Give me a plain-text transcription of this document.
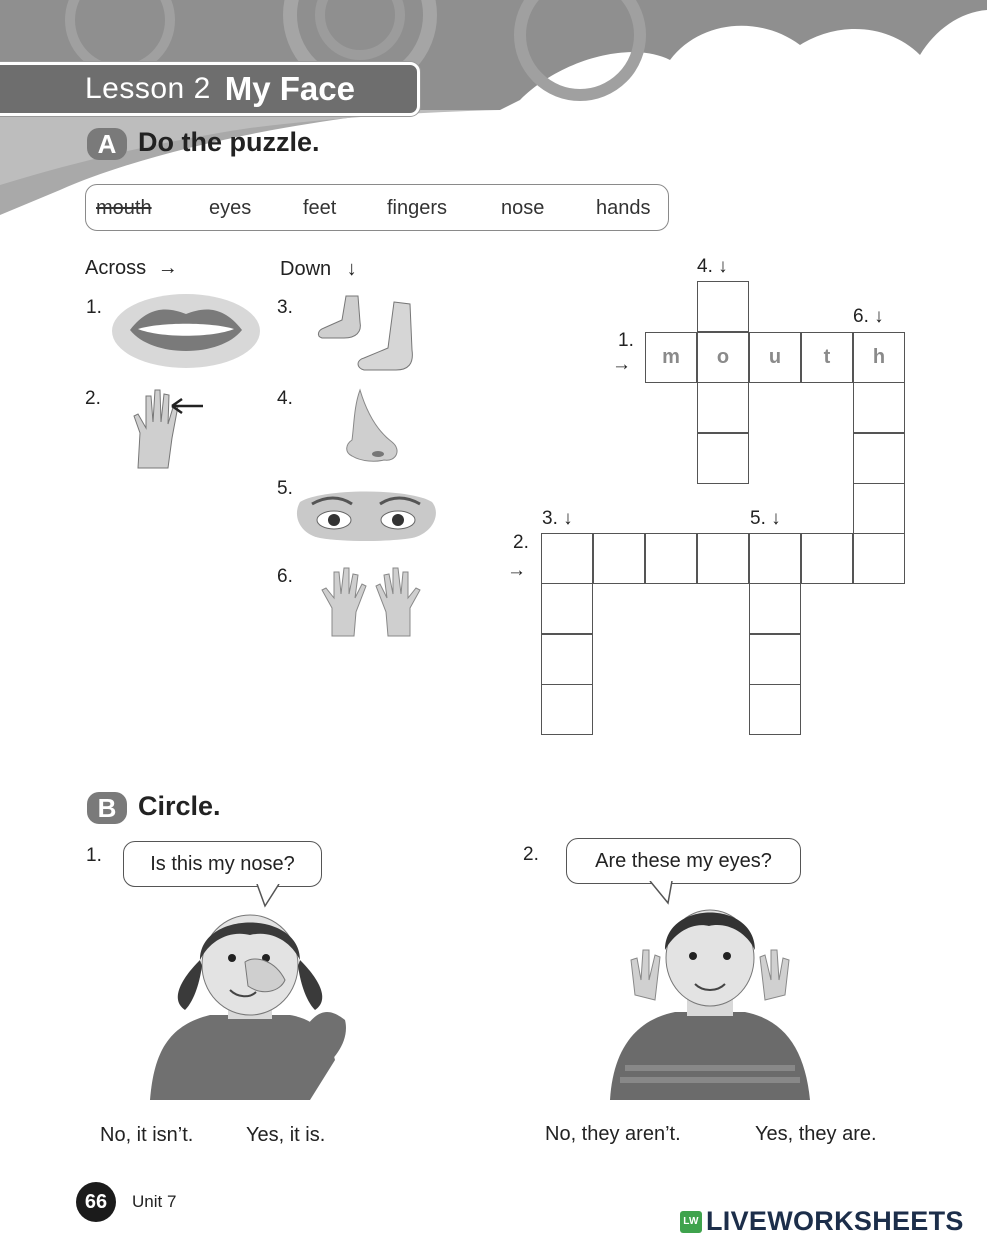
Lesson 2 My Face
A Do the puzzle.
mouth	eyes	feet	fingers	nose	hands
Across →	Down ↓
1.
2.
3.
4.
5.
6.
m	o	u	t	h
1.
→
2.
→
3. ↓
4. ↓
5. ↓
6. ↓
B Circle.
1. Is this my nose?
No, it isn’t.	Yes, it is.
2.	Are these my eyes?
No, they aren’t.	Yes, they are.
66	Unit 7
LW LIVEWORKSHEETS
